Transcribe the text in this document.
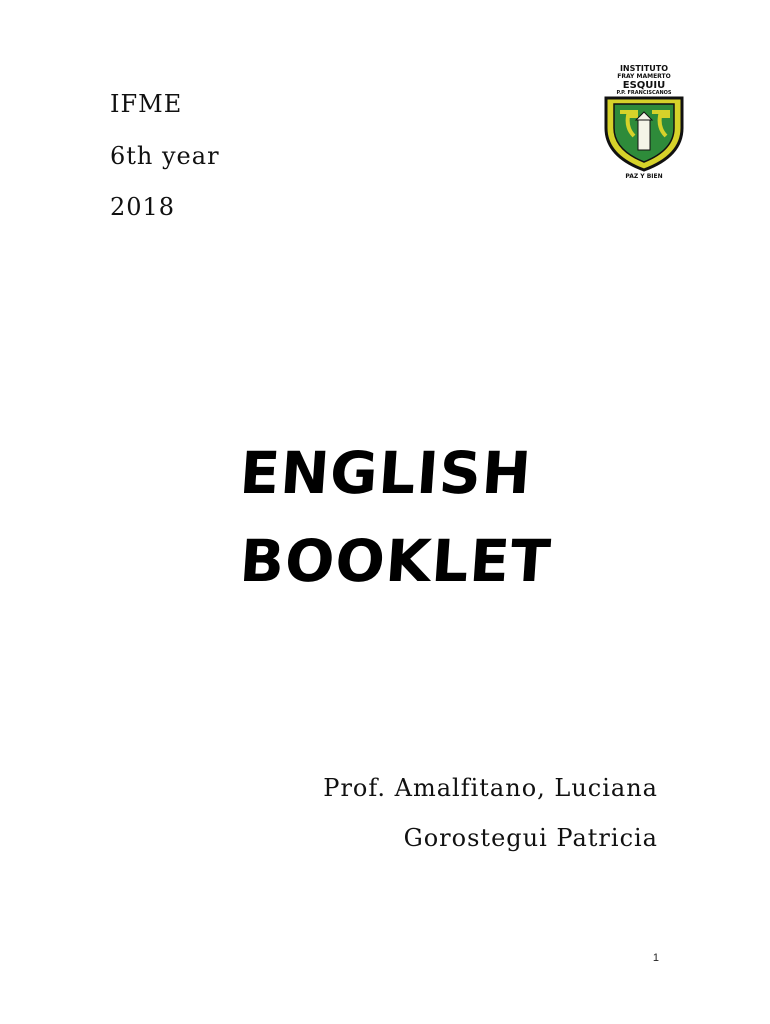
IFME
6th year
2018
INSTITUTO
FRAY MAMERTO
ESQUIU
P.P. FRANCISCANOS
PAZ Y BIEN
ENGLISH
BOOKLET
Prof. Amalfitano, Luciana
Gorostegui Patricia
1
